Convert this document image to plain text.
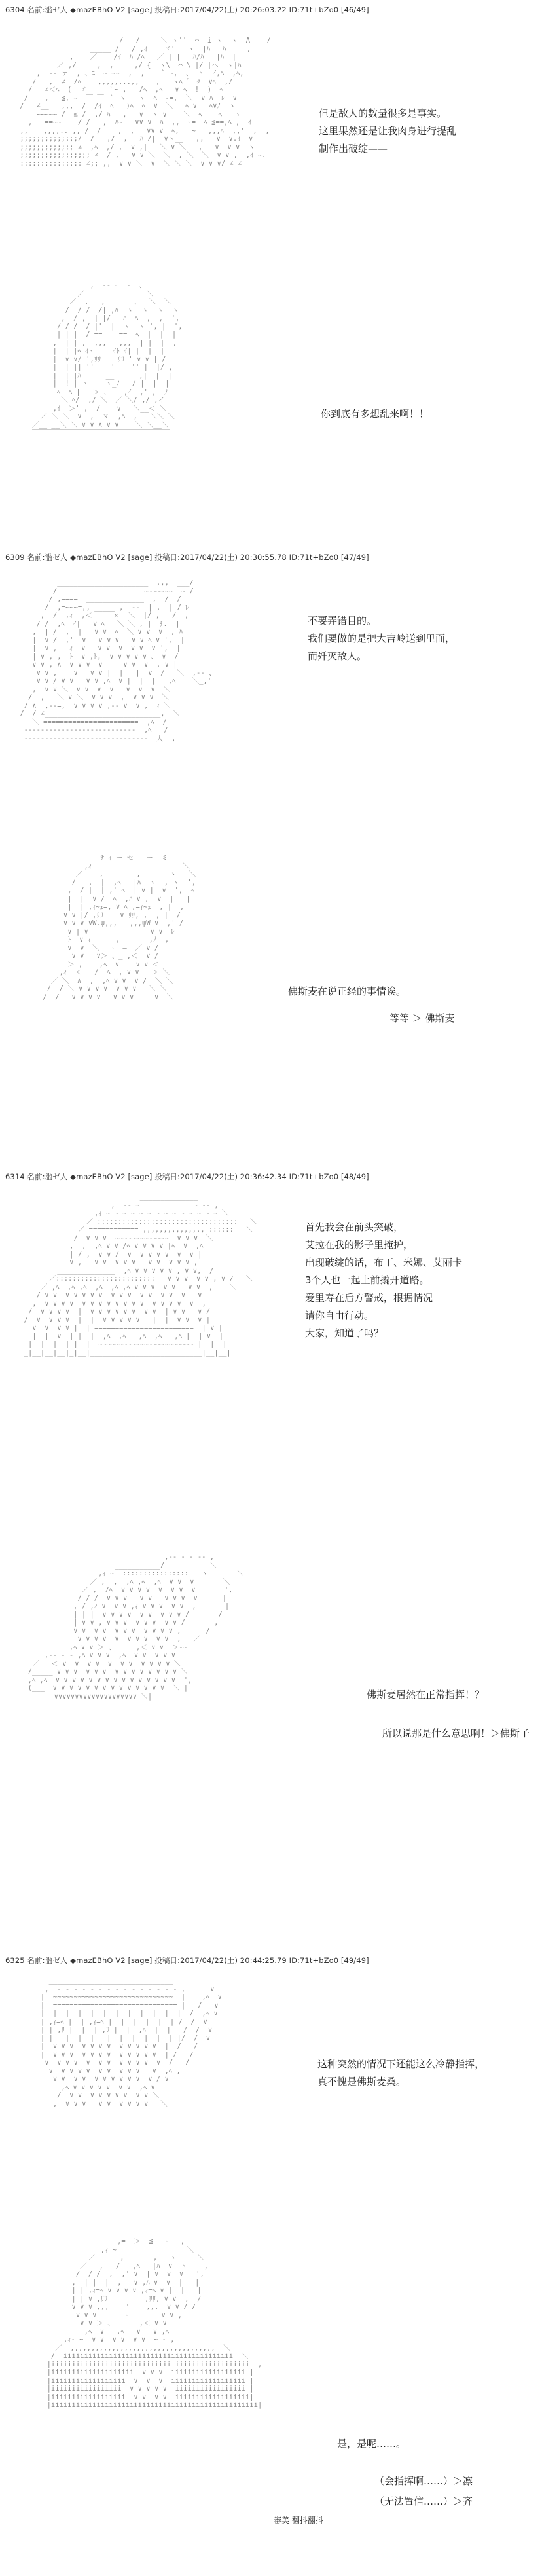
6304 名前:滥ゼ人 ◆mazEBhO V2 [sage] 投稿日:2017/04/22(土) 20:26:03.22 ID:71t+bZo0 [46/49]
/   /     ＼ ヽ''  ⌒  i ヽ  ヽ  A    /
_____ /   / ,ｲ    ヾ'   ヽ  |ﾊ   ﾊ     ,
,    ／    /ｲ  ﾊ /ﾍ   ／ | |   ﾊ/ﾊ   |ﾊ  |
／ ,/     ,  ,   __,/ {  ヽ\  ⌒ \ |/ |ヘ  ヽ|ﾊ
,  -‐ ァ  ,_、ﾆ  ~ ~~  ,  ,    ` ~,  ､  ヽ  ｲ,ﾍ  ,ﾍ,
/   ,  ≠  /ﾍ    ,,,,,,..,,    ,   ヽﾍ  ゙  ｸ  ∨ﾍ  ,/
/   ∠＜ﾍ  (  ゞ     ｀~ ,   /ﾍ  ,ﾍ   ∨ ﾍ  !  )  ﾍ
/    ,   ≦, ~  ￣ ￣ ｀ ヽ   ヽ  ﾍ  ‐=,  ＼  ∨ ﾊ  ﾚ  ∨
/   ∠__   ,,,  /  /ｲ  ﾍ   )ﾍ  ﾍ  ∨  ＼   ﾍ ∨   ﾍ∨ﾉ  ヽ
~~~~~ /  ≦ /  ./ ﾊ   ,   ∨  ヽ ∨    ＼  ﾍ    ﾍ   ヽ
,   ==~~    / /   ,  ﾊ~   ∨∨ ∨  ﾊ  ,,  ｰ=  ﾍ ≦==,ﾍ ,  ｲ
,,  ＿,,,,.. ,, /  /    ,  ,   ∨∨ ∨  ﾍ,   ~   ,,,ﾍ  ,,'  ,  ,
;;;;;;;;;;;;;;/  /   ,/  ,   ﾊ /|  ∨ヽ__   ,,   ∨  ∨.ｲ  ∨
;;;;;;;;;;;;; ∠  ,ﾍ  ,/ ,  ∨ ,|   ＼ ∨ ＼   ,   ∨  ∨ ∨  ヽ
;;;;;;;;;;;;;;;;; ∠  / ,   ∨ ∨ ＼  ＼  , ＼  ＼  ∨ ∨ ,  ,ｲ ~.
::::::::::::::: ∠;; ,,  ∨ ∨ ＼  ∨  ＼ ＼ ＼  ∨ ∨ ∨/ ∠ ∠
但是敌人的数量很多是事实。
这里果然还是让我肉身进行提乱
制作出破绽——
,  -‐ ｰ  -  、
／               ＼
／  ,   ,       、  ＼  ＼
/  / /  /| ,ﾊ  ヽ  ヽ  ヽ  ヽ
,  / ,  | |/ | ﾊ  ﾍ  ,  ,  ',
/ / /  / |'  |  ヽ  ヽ ', |  ',
| | |  / ==    ==  ﾍ  |  |  |
,  | | ,  ,,,   ,,,  | |  |  ,
|  | |ﾍ ｲﾄ     ｲﾄ ｲ| |  |  |
|  ∨ ∨/ ',ﾘﾘ    ﾘﾘ ' ∨ ∨ | /
|  | || ''    '    '' |  |/ ,
|  | |ﾊ      __      ,|  |  |
|  ! | ヽ    ヽ_ﾉ   / |  |  |
ﾍ  ﾍ |   ＞ ､ __ ,ｲ  ,' ,  ﾉ
＼ ﾍ/  ,/ ＼  ／ ＼/ ,/ ,イ
,ｲ  ＞' ,  /    ∨   ＼__＜ ＼
／ ＼ ＼  ∨  ,  ｘ  ,ﾍ  ,   ＼＼ ＼
／__ __＼ ＼ ∨ ∨ ∧ ∨ ∨    ＼ ＼__＼
￣￣￣￣￣￣￣￣￣￣￣￣￣￣￣￣￣￣￣￣
你到底有多想乱来啊！！
6309 名前:滥ゼ人 ◆mazEBhO V2 [sage] 投稿日:2017/04/22(土) 20:30:55.78 ID:71t+bZo0 [47/49]
______________________  ,,,  ___/
/____________________ ~~~~~~~  ~ /
/ ,====  ______________  ,  /  /
/  ,=~~~=,, _____ ,  -‐  | ,  | / ﾚ
,  /  ,ｨ  ,＜     ｘ  ＼  |/ ,   /  ,
/ /  ,ﾍ  ｲ|   ∨ ﾍ   ＼ ＼ , |  ﾁ.  |
,  | /  ,  |   ∨ ∨  ﾍ  ＼ ∨ ∨  ∨  , ﾊ
|  ∨ /  ,'  ∨   ∨ ∨ ∨   ∨ ∨ ﾍ ∨ ',  |
|  ∨ ,   ｨ  ∨   ∨ ∨  ∨  ∨ ∨  ∨ ',  |
| ∨ , ,  ﾄ  ∨ ,ﾄ,  ∨ ∨ ∨ ∨ ∨ 、 ∨  /
∨ ∨ , ∧  ∨ ∨ ∨  ∨  |  ∨ ∨  ∨  , ∨ |
∨ ∨ ,    ∨   ∨ ∨ |  |   |  ∨  /   ＼  ,-‐ 、
∨ ∨ / ∨ ∨   ∨ ∨ ,ﾍ  ∨ |  |  |   ,ﾍ    ＼_,'
,  ∨ ∨ ＼  ∨ ∨  ∨  ∨   ∨  ∨  ∨  ＼
/  ,   ＼ ∨ ＼  ∨ ∨ ∨  ,  ∨ ∨ ∨  ＼
/ ∧  ,-‐=,  ∨ ∨ ∨ ∨ ,-‐ ∨  ∨ ,  ｨ ＼
/  / ∠____________________________,  ＼
|  ＼ =======================  ,ﾍ  /
|---------------------------  ,ﾍ   /
|------------------------------  人  ,
不要弄错目的。
我们要做的是把大吉岭送到里面，
而歼灭敌人。
ﾁ ｨ ー セ   ー  ミ
,ｨ                      ＼
／    ,        ,       ヽ   ＼
/   ,  |  ,ﾍ   |ﾊ  ヽ  , ヽ  ',
,  / |  | ,' ﾍ  | ∨ |  ∨  ',  ﾍ
|  |  ∨ /  ﾍ  ,ﾊ ∨ ,  ∨  |   |
|  | ,ｨ~ｪ=, ∨ ﾍ ,=ｨ~ｪ  , |  ,
∨ ∨ |/ ,ﾘﾘ    ∨ ﾘﾘ, ,  , |  /
∨ ∨ ∨ ∨W.ψ,,,   ,,,ψW ∨  ,' /
∨ | ∨               ∨ ∨  ﾚ
ﾄ  ∨ ｨ      ,       ,ﾉ  ,
∨  ∨  ＼   ー ―  ／ ∨ /
∨ ∨   ∨＞ 、_ ,＜  ∨ /
＞ ,    ,ﾍ  ∨    ∨ ∨ ＜
,ｨ  ＜   /  ﾍ  , ∨ ∨   ＞ ＼
／ ＼  ∧  ,  ,ﾍ ∨ ∨  ∨ /  ＼ ＼
/  / ＼ ∨ ∨ ∨ ∨  ∨ ∨ ∨   ＼ ＼
/  /   ∨ ∨ ∨ ∨   ∨ ∨ ∨     ∨  ＼	佛斯麦在说正经的事情诶。
等等 ＞ 佛斯麦
6314 名前:滥ゼ人 ◆mazEBhO V2 [sage] 投稿日:2017/04/22(土) 20:36:42.34 ID:71t+bZo0 [48/49]
______________
,  -‐ ~             ~ ‐- ,
,ｨ ~ ~ ~ ~ ~ ~ ~ ~ ~ ~ ~ ~ ~ ~ ＼
／ ::::::::::::::::::::::::::::::::::   ＼
／ ============ ,,,,,,,,,,,,,,, ::::::   ＼
/  ∨ ∨ ∨  ~~~~~~~~~~~~~  ∨ ∨ ∨  ＼
,  ,  ,ﾍ ∨ ∨ /ﾍ ∨ ∨ ∨ ∨ |ﾍ  ∨  ,ﾍ
| / ,  ∨ ∨ /  ∨  ∨ ∨ ∨ ∨  ∨  ∨ |
∨ ,   ∨ ∨  ∨ ∨ ∨   ∨ ∨  ∨ ∨ ∨ ,
______________  ,ﾍ ∨ ∨ ∨ ∨ ∨ , ∨ ∨,  /
／::::::::::::::::::::::::   ∨ ∨ ∨  ∨ ∨ , ∨ /   ＼
／ ,ﾍ  ,ﾍ ,ﾍ  ,ﾍ  ,ﾍ ,ﾍ ∨ ∨ ∨  ∨ ∨   ∨ ∨  ,    ＼
/ ∨ ∨  ∨ ∨ ∨ ∨ ∨  ∨ ∨ ∨  ∨ ∨  ∨ ∨  ∨   ∨
,  ∨ ∨ ∨ ∨  ∨ ∨ ∨ ∨ ∨ ∨ ∨ ∨  ∨ ∨ ∨ ∨  ∨  ,
/  ∨ ∨ ∨ ∨  |  ∨ ∨ ∨ ∨ ∨ ∨  ∨ ∨  | ∨ ∨   ∨ /
/  ∨  ∨ ∨ ∨  |  |  ∨ ∨ ∨ ∨ ∨   |  |  ∨ ∨  ∨ |
|  ∨  ∨  ∨ ∨ |  | ========================  | ∨ |
|  |  |  ∨  | |  |  ,ﾍ  ,ﾍ   ,ﾍ  ,ﾍ   ,ﾍ |  | ∨  |
| |  |  |  | |  |  ~~~~~~~~~~~~~~~~~~~~~~~ |  |  |
|_|__|__|__|_|__|___________________________|__|__|
首先我会在前头突破，
艾拉在我的影子里掩护，
出现破绽的话，布丁、米娜、艾丽卡
3个人也一起上前撬开道路。
爱里寿在后方警戒，根据情况
请你自由行动。
大家，知道了吗？
,-‐ ‐ ‐ ‐- ,
___________/           ＼
,ｨ ~  ::::::::::::::::   ヽ       ＼
／ ,  ,  ,ﾍ ,ﾍ  ,ﾍ  ∨ ∨  ∨       ＼
／ ,  /ﾍ  ∨ ∨ ∨ ∨  ∨  ∨ ∨  ∨       ',
/ / /  ∨ ∨ ∨   ∨ ∨   ∨ ∨ ∨  ∨      |
, / ,ｨ ∨  ∨ ∨ ,ｨ ∨ ∨ ∨  ∨ ∨  ,       |
| | |  ∨ ∨ ∨ ∨  ∨ ∨  ∨ ∨ ∨ /       /
| ∨ ∨ , ∨ ∨ ∨  ∨ ∨ ∨  ∨ ∨ /       ,
∨ ∨  ∨ ∨  ∨ ∨ ∨  ∨ ∨ ∨ ∨ ,      /
∨ ∨ ∨ ∨  ∨  ∨ ∨ ∨  ∨ ∨  ,   ／
,ﾍ ∨ ∨ ＞ 、 ___ ,＜ ∨ ∨  ＞‐~
,-‐ ‐ ‐ ,ﾍ ∨ ∨ ∨  ,ﾍ  ∨ ∨  ∨ ∨ ∨
／   ＜ ∨  ∨  ∨ ∨  ∨  ∨ ∨  ∨ ∨ ∨ ∨ ＼
/_____ ∨ ∨ ∨  ∨ ∨ ∨  ∨ ∨ ∨ ∨ ∨ ∨ ∨ ∨ ＼
,ﾍ ,ﾍ  ∨ ∨ ∨ ∨ ∨ ∨ ∨ ∨ ∨ ∨ ∨ ∨ ∨ ∨ ∨  ',
(___  ∨ ∨ ∨ ∨ ∨ ∨ ∨ ∨ ∨ ∨ ∨ ∨ ∨ ∨  ＼ |
￣￣∨∨∨∨∨∨∨∨∨∨∨∨∨∨∨∨∨∨∨∨ ＼|	佛斯麦居然在正常指挥！？
所以说那是什么意思啊！＞佛斯子
6325 名前:滥ゼ人 ◆mazEBhO V2 [sage] 投稿日:2017/04/22(土) 20:44:25.79 ID:71t+bZo0 [49/49]
______________________________
,  ‐ ‐ ‐ ‐ ‐ ‐ ‐ ‐ ‐ ‐ ‐ ‐ ‐ ‐ ‐ ,      ∨
|  ~~~~~~~~~~~~~~~~~~~~~~~~~~~~~  |    ,ﾍ  ∨
|  ============================== |   /   ∨
|  |  |  |  |  |  |  |  |  |  |  |  /  ,ﾍ ∨
| ,ｨ=ﾍ |  | ,ｨ=ﾍ |  |  |  |  |  | /  /  ∨
| | ,ﾘ |  |  | ,ﾘ |  |  ,ﾍ  |  | | /  /  ∨
| |___|__|__|___|__|__|__|__|__| |/  /  ∨
|  ∨ ∨ ∨  ∨ ∨ ∨ ∨  ∨ ∨ ∨ ∨ ∨  |  /   /
|  ∨ ∨ ∨  ∨ ∨ ∨ ∨  ∨ ∨ ∨ ∨ ∨  | /   /
∨  ∨ ∨ ∨  ∨  ∨ ∨  ∨ ∨ ∨ ∨  ∨  /   /
∨  ∨ ∨ ∨ ∨  ∨ ∨  ∨ ∨ ∨   ∨  ,ﾍ ,
∨ ∨  ∨ ∨  ∨ ∨ ∨ ∨ ∨ ∨  ∨ / ∨
,ﾍ ∨ ∨ ∨ ∨ ∨  ∨ ∨  ,ﾍ ∨
/  ∨ ∨  ∨ ∨ ∨ ∨ ∨  ∨ ∨ ＼
,  ∨ ∨ ∨   ∨ ∨  ∨ ∨ ∨ ∨   ＼
这种突然的情况下还能这么冷静指挥，
真不愧是佛斯麦桑。
,=  ＞  ≦   ー  ,
,ｨ ~                 ＼
／      ,       ,   ヽ     ＼
／   ,   /   ,ﾍ   |ﾊ  ∨  ヽ   ',
/  / /  ,  ,' ∨  | ∨  ∨  ∨   ',
,  | |  |  ,   ∨ ,ﾊ ∨  ∨  |   |
| | ,ｨ=ﾍ ∨ ∨ ∨ ∨ ,ｨ=ﾍ ∨ |  |   |
| | ∨ ,ﾘﾘ         ,ﾘﾘ, ∨ ∨  ,  /
∨ ∨ ∨ ,,,    '    ,,,  ∨ ∨ / /
∨ ∨ ∨       ー       ∨ ∨ ,
∨ ∨ ＞ 、 ___  ,＜ ∨ ∨
,ﾍ  ∨   ,ﾍ   ∨   ∨ ,ﾍ
,ｨ‐ ~  ∨ ∨  ∨ ∨  ∨ ∨  ~ ‐ ,
／  ,,,,,,,,,,,,,,,,,,,,,,,,,,,,,,,,,,,  ＼
/  iiiiiiiiiiiiiiiiiiiiiiiiiiiiiiiiiiiiiiiii  ＼
|iiiiiiiiiiiiiiiiiiiiiiiiiiiiiiiiiiiiiiiiiiiiiiii  ,
|iiiiiiiiiiiiiiiiiiii  ∨ ∨ ∨  iiiiiiiiiiiiiiiiii |
|iiiiiiiiiiiiiiiiii  ∨  ∨  ∨  iiiiiiiiiiiiiiiiii |
|iiiiiiiiiiiiiiiii  ∨ ∨ ∨ ∨ ∨  iiiiiiiiiiiiiiiii |
|iiiiiiiiiiiiiiiiii  ∨ ∨  ∨ ∨  iiiiiiiiiiiiiiiiii|
|iiiiiiiiiiiiiiiiiiiiiiiiiiiiiiiiiiiiiiiiiiiiiiiiii|
是，是呢……。
（会指挥啊……）＞凛
（无法置信……）＞齐
審美 翻抖翻抖
